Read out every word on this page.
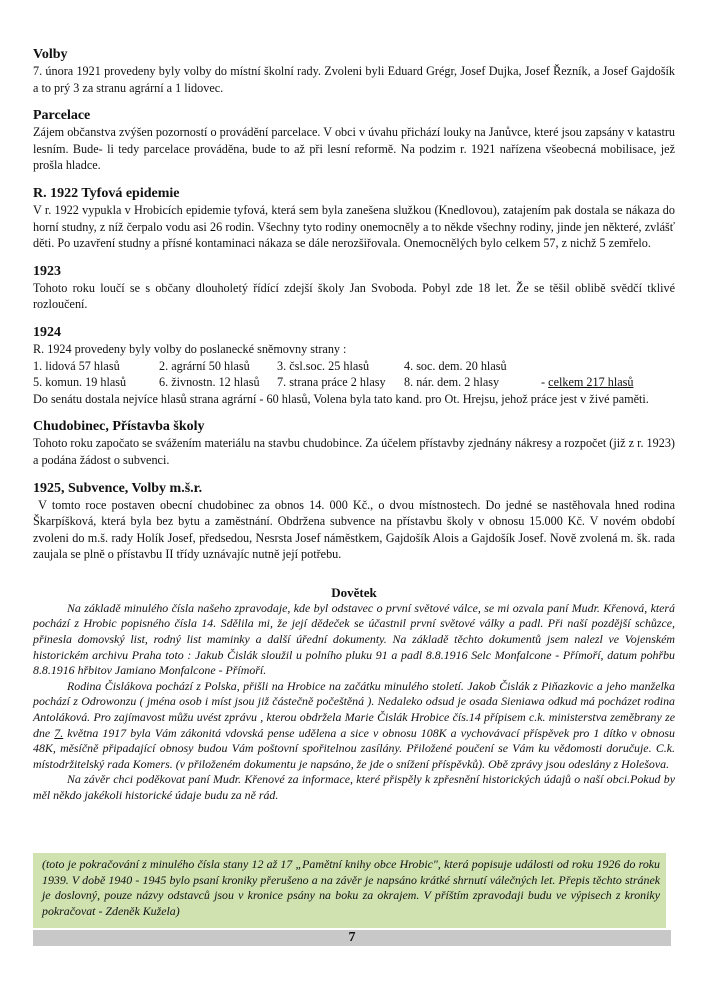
Volby

7. února 1921 provedeny byly volby do místní školní rady. Zvoleni byli Eduard Grégr, Josef Dujka, Josef Řezník, a Josef Gajdošík a to prý 3 za stranu agrární a 1 lidovec.

Parcelace

Zájem občanstva zvýšen pozorností o provádění parcelace. V obci v úvahu přichází louky na Janůvce, které jsou zapsány v katastru lesním. Bude- li tedy parcelace prováděna, bude to až při lesní reformě. Na podzim r. 1921 nařízena všeobecná mobilisace, jež prošla hladce.

R. 1922 Tyfová epidemie

V r. 1922 vypukla v Hrobicích epidemie tyfová, která sem byla zanešena služkou (Knedlovou), zatajením pak dostala se nákaza do horní studny, z níž čerpalo vodu asi 26 rodin. Všechny tyto rodiny onemocněly a to někde všechny rodiny, jinde jen některé, zvlášť děti. Po uzavření studny a přísné kontaminaci nákaza se dále nerozšiřovala. Onemocnělých bylo celkem 57, z nichž 5 zemřelo.

1923

Tohoto roku loučí se s občany dlouholetý řídící zdejší školy Jan Svoboda. Pobyl zde 18 let. Že se těšil oblibě svědčí tklivé rozloučení.

1924

R. 1924 provedeny byly volby do poslanecké sněmovny strany :

1. lidová 57 hlasů	2. agrární 50 hlasů	3. čsl.soc. 25 hlasů	4. soc. dem. 20 hlasů
5. komun. 19 hlasů	6. živnostn. 12 hlasů	7. strana práce 2 hlasy	8. nár. dem. 2 hlasy	- celkem 217 hlasů

Do senátu dostala nejvíce hlasů strana agrární - 60 hlasů, Volena byla tato kand. pro Ot. Hrejsu, jehož práce jest v živé paměti.

Chudobinec, Přístavba školy

Tohoto roku započato se svážením materiálu na stavbu chudobince. Za účelem přístavby zjednány nákresy a rozpočet (již z r. 1923) a podána žádost o subvenci.

1925, Subvence, Volby m.š.r.

V tomto roce postaven obecní chudobinec za obnos 14. 000 Kč., o dvou místnostech. Do jedné se nastěhovala hned rodina Škarpíšková, která byla bez bytu a zaměstnání. Obdržena subvence na přístavbu školy v obnosu 15.000 Kč. V novém období zvoleni do m.š. rady Holík Josef, předsedou, Nesrsta Josef náměstkem, Gajdošík Alois a Gajdošík Josef. Nově zvolená m. šk. rada zaujala se plně o přístavbu II třídy uznávajíc nutně její potřebu.

Dovětek

Na základě minulého čísla našeho zpravodaje, kde byl odstavec o první světové válce, se mi ozvala paní Mudr. Křenová, která pochází z Hrobic popisného čísla 14. Sdělila mi, že její dědeček se účastnil první světové války a padl. Při naší pozdější schůzce, přinesla domovský list, rodný list maminky a další úřední dokumenty. Na základě těchto dokumentů jsem nalezl ve Vojenském historickém archivu Praha toto : Jakub Čislák sloužil u polního pluku 91 a padl 8.8.1916 Selc Monfalcone - Přímoří, datum pohřbu 8.8.1916 hřbitov Jamiano Monfalcone - Přímoří.

Rodina Čislákova pochází z Polska, přišli na Hrobice na začátku minulého století. Jakob Čislák z Piňazkovic a jeho manželka pochází z Odrowonzu ( jména osob i míst jsou již částečně počeštěná ). Nedaleko odsud je osada Sieniawa odkud má pocházet rodina Antoláková. Pro zajímavost můžu uvést zprávu , kterou obdržela Marie Čislák Hrobice čís.14 přípisem c.k. ministerstva zeměbrany ze dne 7. května 1917 byla Vám zákonitá vdovská pense udělena a sice v obnosu 108K a vychovávací příspěvek pro 1 dítko v obnosu 48K, měsíčně připadající obnosy budou Vám poštovní spořitelnou zasílány. Přiložené poučení se Vám ku vědomosti doručuje. C.k. místodržitelský rada Komers. (v přiloženém dokumentu je napsáno, že jde o snížení příspěvků). Obě zprávy jsou odeslány z Holešova.

Na závěr chci poděkovat paní Mudr. Křenové za informace, které přispěly k zpřesnění historických údajů o naší obci.Pokud by měl někdo jakékoli historické údaje budu za ně rád.

(toto je pokračování z minulého čísla stany 12 až 17 „Pamětní knihy obce Hrobic", která popisuje události od roku 1926 do roku 1939. V době 1940 - 1945 bylo psaní kroniky přerušeno a na závěr je napsáno krátké shrnutí válečných let. Přepis těchto stránek je doslovný, pouze názvy odstavců jsou v kronice psány na boku za okrajem. V příštím zpravodaji budu ve výpisech z kroniky pokračovat - Zdeněk Kužela)
7
